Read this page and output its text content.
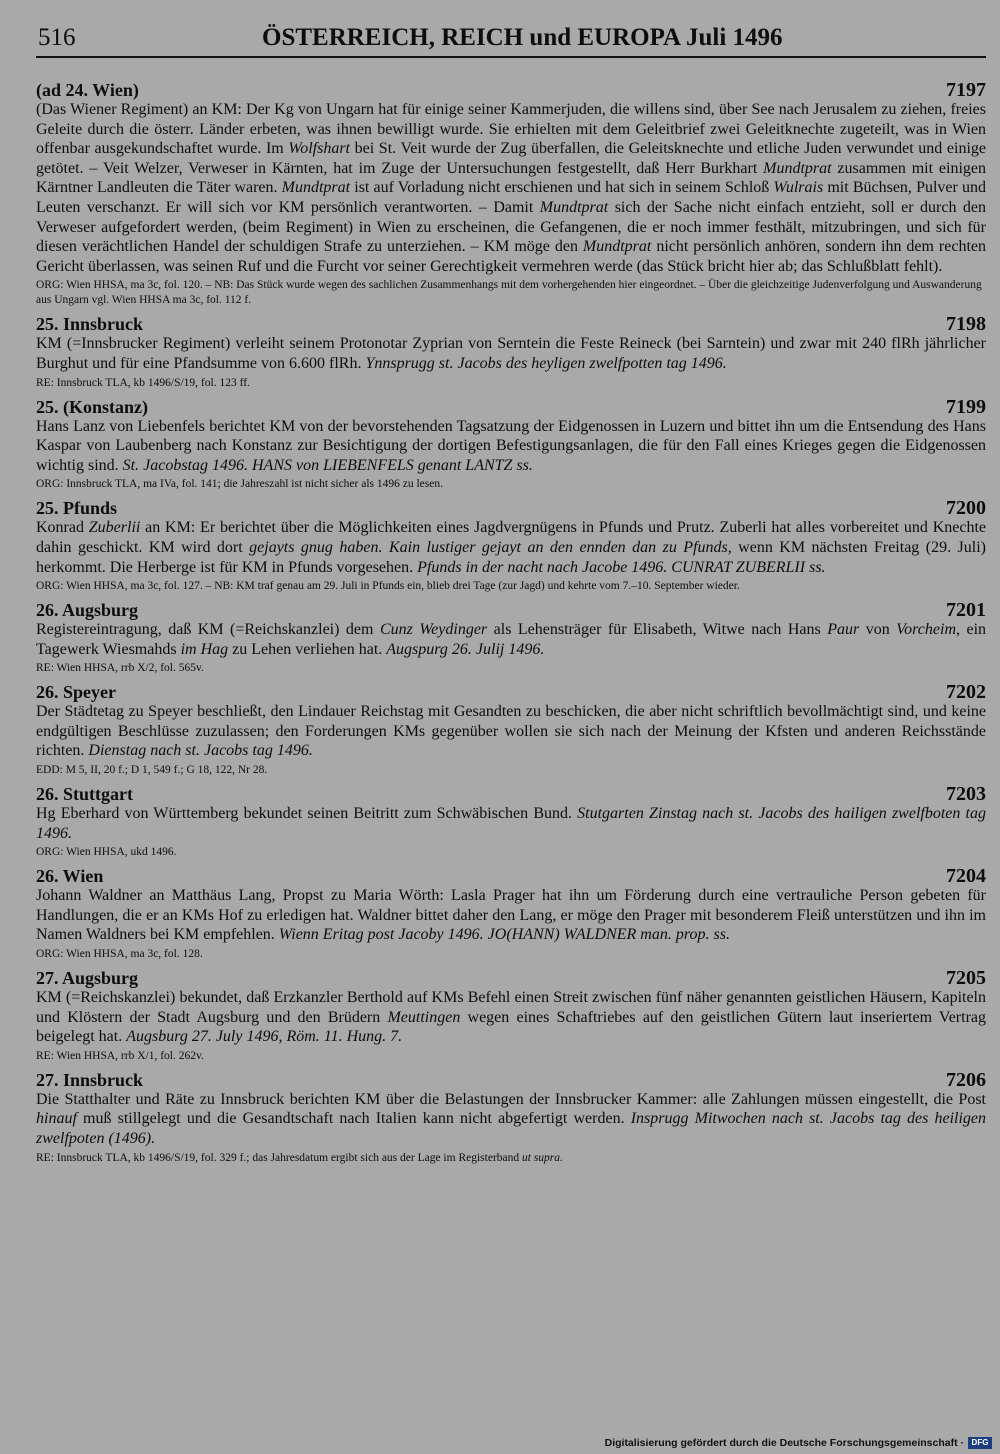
516	ÖSTERREICH, REICH und EUROPA Juli 1496
(ad 24. Wien)	7197
(Das Wiener Regiment) an KM: Der Kg von Ungarn hat für einige seiner Kammerjuden, die willens sind, über See nach Jerusalem zu ziehen, freies Geleite durch die österr. Länder erbeten, was ihnen bewilligt wurde. Sie erhielten mit dem Geleitbrief zwei Geleitknechte zugeteilt, was in Wien offenbar ausgekundschaftet wurde. Im Wolfshart bei St. Veit wurde der Zug überfallen, die Geleitsknechte und etliche Juden verwundet und einige getötet. – Veit Welzer, Verweser in Kärnten, hat im Zuge der Untersuchungen festgestellt, daß Herr Burkhart Mundtprat zusammen mit einigen Kärntner Landleuten die Täter waren. Mundtprat ist auf Vorladung nicht erschienen und hat sich in seinem Schloß Wulrais mit Büchsen, Pulver und Leuten verschanzt. Er will sich vor KM persönlich verantworten. – Damit Mundtprat sich der Sache nicht einfach entzieht, soll er durch den Verweser aufgefordert werden, (beim Regiment) in Wien zu erscheinen, die Gefangenen, die er noch immer festhält, mitzubringen, und sich für diesen verächtlichen Handel der schuldigen Strafe zu unterziehen. – KM möge den Mundtprat nicht persönlich anhören, sondern ihn dem rechten Gericht überlassen, was seinen Ruf und die Furcht vor seiner Gerechtigkeit vermehren werde (das Stück bricht hier ab; das Schlußblatt fehlt).
ORG: Wien HHSA, ma 3c, fol. 120. – NB: Das Stück wurde wegen des sachlichen Zusammenhangs mit dem vorhergehenden hier eingeordnet. – Über die gleichzeitige Judenverfolgung und Auswanderung aus Ungarn vgl. Wien HHSA ma 3c, fol. 112 f.
25. Innsbruck	7198
KM (=Innsbrucker Regiment) verleiht seinem Protonotar Zyprian von Serntein die Feste Reineck (bei Sarntein) und zwar mit 240 flRh jährlicher Burghut und für eine Pfandsumme von 6.600 flRh. Ynnsprugg st. Jacobs des heyligen zwelfpotten tag 1496.
RE: Innsbruck TLA, kb 1496/S/19, fol. 123 ff.
25. (Konstanz)	7199
Hans Lanz von Liebenfels berichtet KM von der bevorstehenden Tagsatzung der Eidgenossen in Luzern und bittet ihn um die Entsendung des Hans Kaspar von Laubenberg nach Konstanz zur Besichtigung der dortigen Befestigungsanlagen, die für den Fall eines Krieges gegen die Eidgenossen wichtig sind. St. Jacobstag 1496. HANS von LIEBENFELS genant LANTZ ss.
ORG: Innsbruck TLA, ma IVa, fol. 141; die Jahreszahl ist nicht sicher als 1496 zu lesen.
25. Pfunds	7200
Konrad Zuberlii an KM: Er berichtet über die Möglichkeiten eines Jagdvergnügens in Pfunds und Prutz. Zuberli hat alles vorbereitet und Knechte dahin geschickt. KM wird dort gejayts gnug haben. Kain lustiger gejayt an den ennden dan zu Pfunds, wenn KM nächsten Freitag (29. Juli) herkommt. Die Herberge ist für KM in Pfunds vorgesehen. Pfunds in der nacht nach Jacobe 1496. CUNRAT ZUBERLII ss.
ORG: Wien HHSA, ma 3c, fol. 127. – NB: KM traf genau am 29. Juli in Pfunds ein, blieb drei Tage (zur Jagd) und kehrte vom 7.–10. September wieder.
26. Augsburg	7201
Registereintragung, daß KM (=Reichskanzlei) dem Cunz Weydinger als Lehensträger für Elisabeth, Witwe nach Hans Paur von Vorcheim, ein Tagewerk Wiesmahds im Hag zu Lehen verliehen hat. Augspurg 26. Julij 1496.
RE: Wien HHSA, rrb X/2, fol. 565v.
26. Speyer	7202
Der Städtetag zu Speyer beschließt, den Lindauer Reichstag mit Gesandten zu beschicken, die aber nicht schriftlich bevollmächtigt sind, und keine endgültigen Beschlüsse zuzulassen; den Forderungen KMs gegenüber wollen sie sich nach der Meinung der Kfsten und anderen Reichsstände richten. Dienstag nach st. Jacobs tag 1496.
EDD: M 5, II, 20 f.; D 1, 549 f.; G 18, 122, Nr 28.
26. Stuttgart	7203
Hg Eberhard von Württemberg bekundet seinen Beitritt zum Schwäbischen Bund. Stutgarten Zinstag nach st. Jacobs des hailigen zwelfboten tag 1496.
ORG: Wien HHSA, ukd 1496.
26. Wien	7204
Johann Waldner an Matthäus Lang, Propst zu Maria Wörth: Lasla Prager hat ihn um Förderung durch eine vertrauliche Person gebeten für Handlungen, die er an KMs Hof zu erledigen hat. Waldner bittet daher den Lang, er möge den Prager mit besonderem Fleiß unterstützen und ihn im Namen Waldners bei KM empfehlen. Wienn Eritag post Jacoby 1496. JO(HANN) WALDNER man. prop. ss.
ORG: Wien HHSA, ma 3c, fol. 128.
27. Augsburg	7205
KM (=Reichskanzlei) bekundet, daß Erzkanzler Berthold auf KMs Befehl einen Streit zwischen fünf näher genannten geistlichen Häusern, Kapiteln und Klöstern der Stadt Augsburg und den Brüdern Meuttingen wegen eines Schaftriebes auf den geistlichen Gütern laut inseriertem Vertrag beigelegt hat. Augsburg 27. July 1496, Röm. 11. Hung. 7.
RE: Wien HHSA, rrb X/1, fol. 262v.
27. Innsbruck	7206
Die Statthalter und Räte zu Innsbruck berichten KM über die Belastungen der Innsbrucker Kammer: alle Zahlungen müssen eingestellt, die Post hinauf muß stillgelegt und die Gesandtschaft nach Italien kann nicht abgefertigt werden. Insprugg Mitwochen nach st. Jacobs tag des heiligen zwelfpoten (1496).
RE: Innsbruck TLA, kb 1496/S/19, fol. 329 f.; das Jahresdatum ergibt sich aus der Lage im Registerband ut supra.
Digitalisierung gefördert durch die Deutsche Forschungsgemeinschaft · DFG
